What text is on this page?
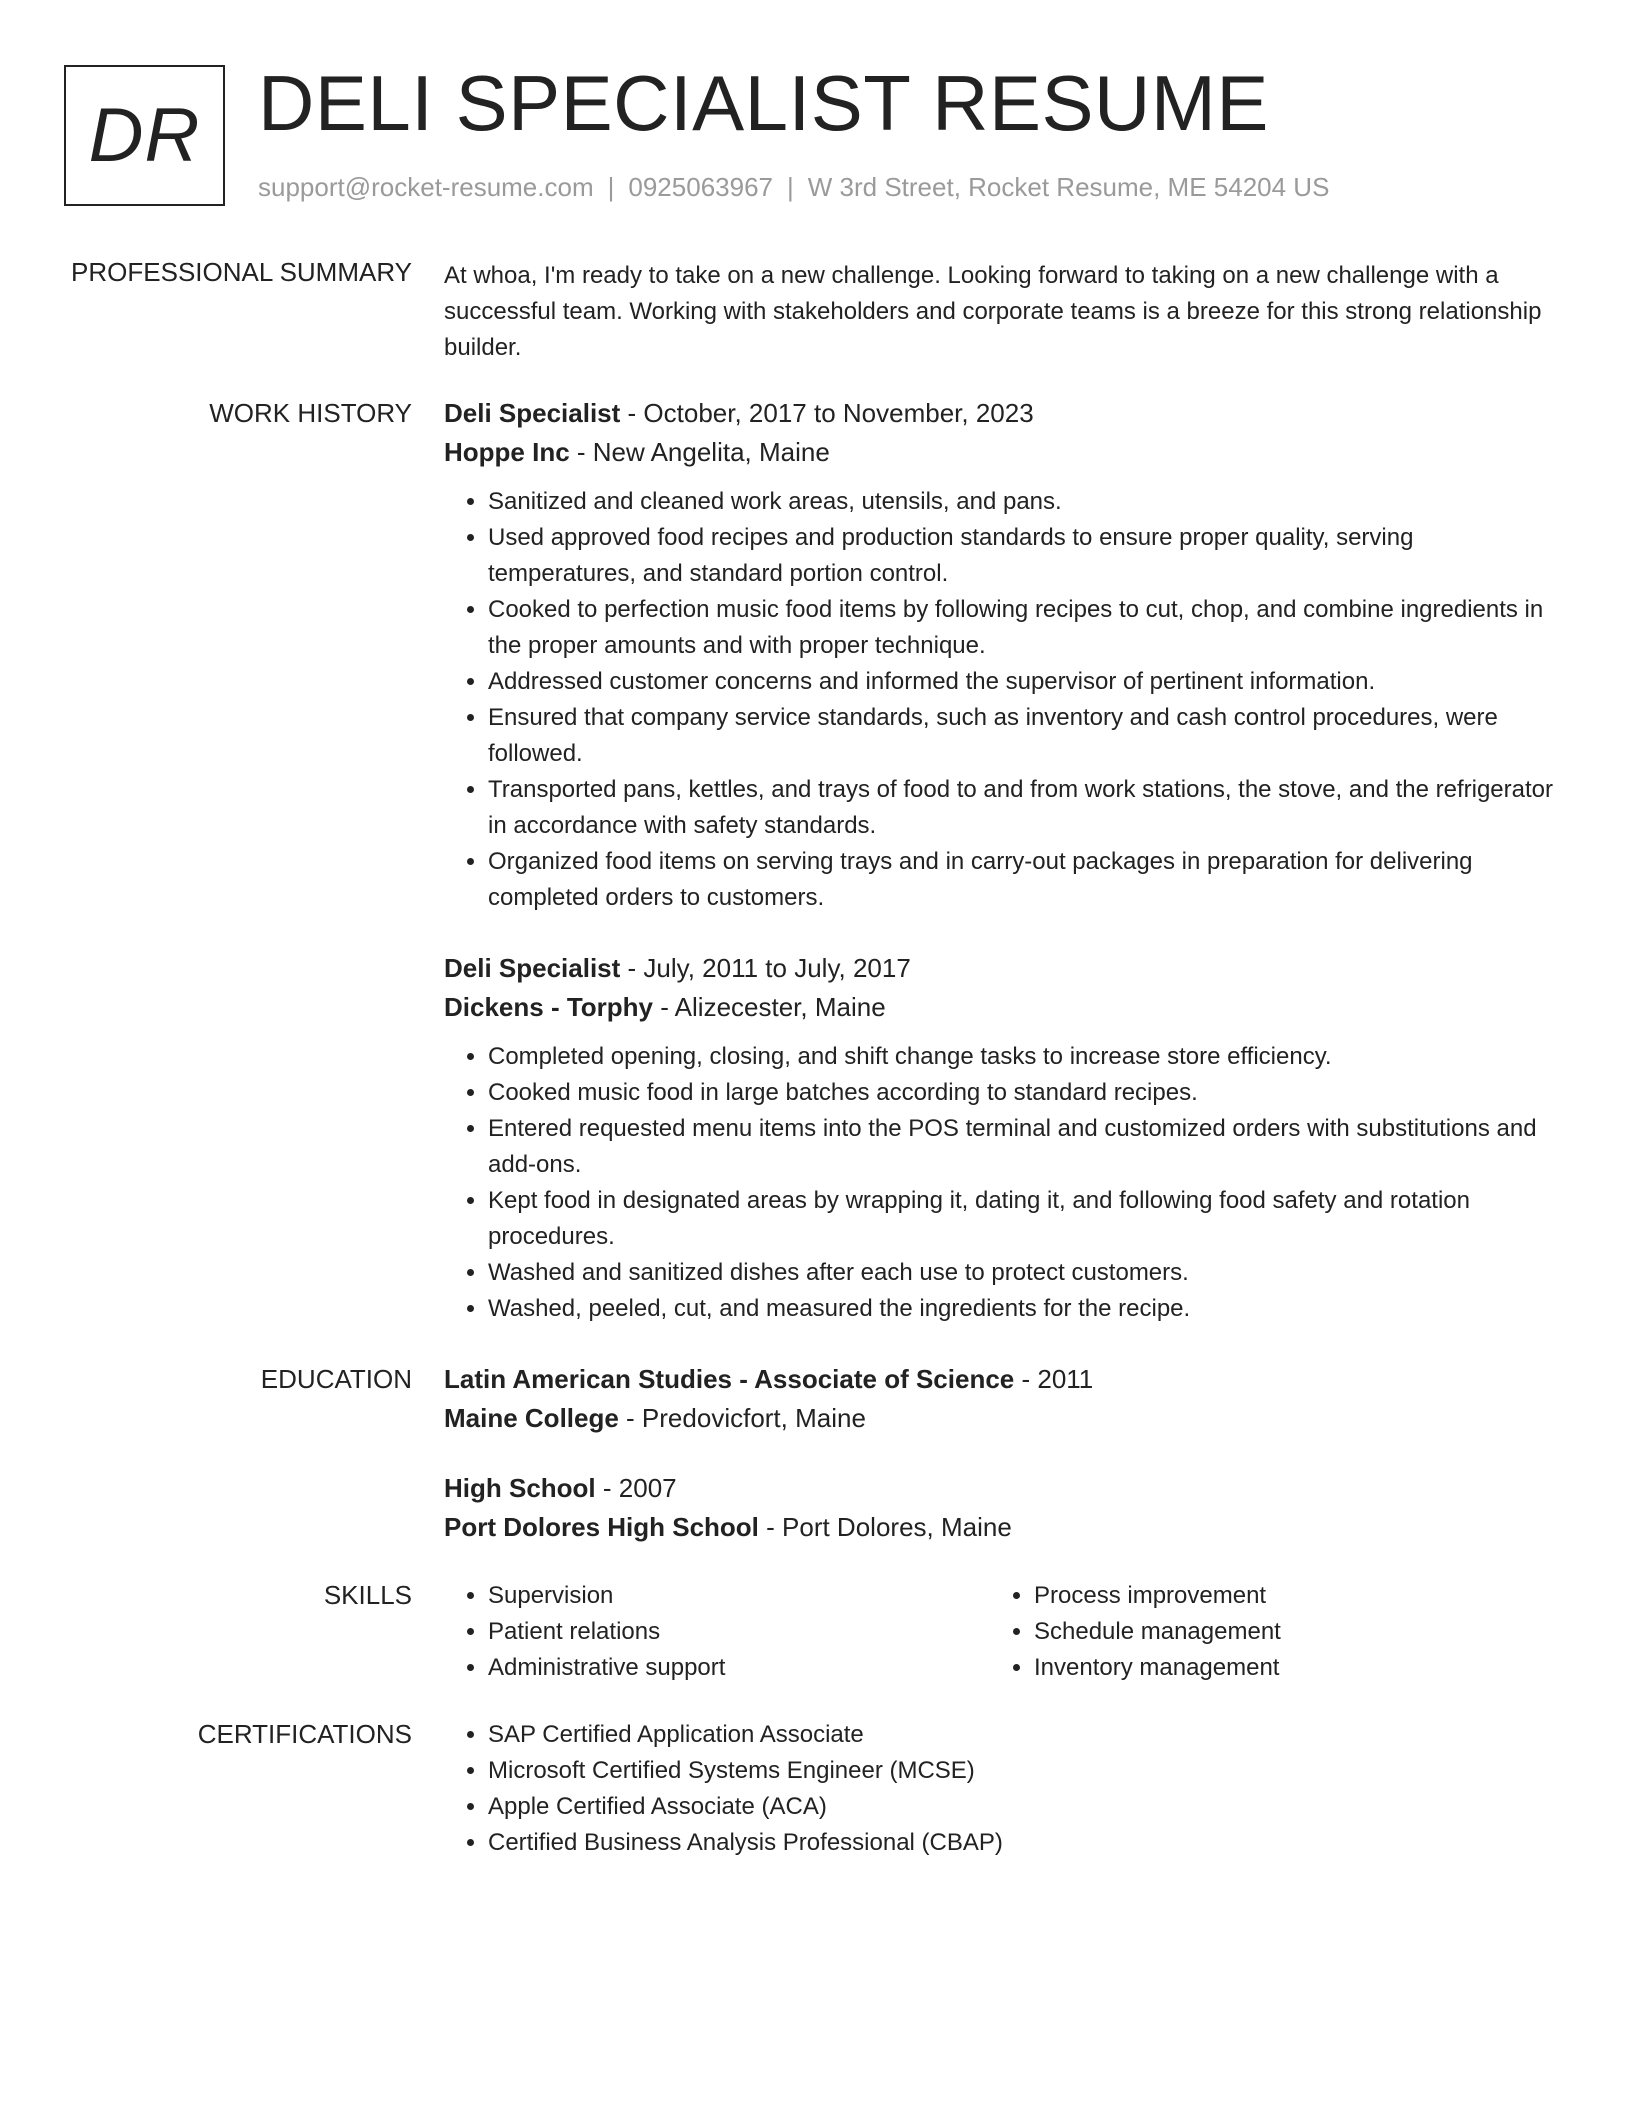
DR DELI SPECIALIST RESUME
support@rocket-resume.com | 0925063967 | W 3rd Street, Rocket Resume, ME 54204 US
PROFESSIONAL SUMMARY At whoa, I'm ready to take on a new challenge. Looking forward to taking on a new challenge with a successful team. Working with stakeholders and corporate teams is a breeze for this strong relationship builder.
WORK HISTORY Deli Specialist - October, 2017 to November, 2023
Hoppe Inc - New Angelita, Maine
• Sanitized and cleaned work areas, utensils, and pans.
• Used approved food recipes and production standards to ensure proper quality, serving temperatures, and standard portion control.
• Cooked to perfection music food items by following recipes to cut, chop, and combine ingredients in the proper amounts and with proper technique.
• Addressed customer concerns and informed the supervisor of pertinent information.
• Ensured that company service standards, such as inventory and cash control procedures, were followed.
• Transported pans, kettles, and trays of food to and from work stations, the stove, and the refrigerator in accordance with safety standards.
• Organized food items on serving trays and in carry-out packages in preparation for delivering completed orders to customers.
Deli Specialist - July, 2011 to July, 2017
Dickens - Torphy - Alizecester, Maine
• Completed opening, closing, and shift change tasks to increase store efficiency.
• Cooked music food in large batches according to standard recipes.
• Entered requested menu items into the POS terminal and customized orders with substitutions and add-ons.
• Kept food in designated areas by wrapping it, dating it, and following food safety and rotation procedures.
• Washed and sanitized dishes after each use to protect customers.
• Washed, peeled, cut, and measured the ingredients for the recipe.
EDUCATION Latin American Studies - Associate of Science - 2011
Maine College - Predovicfort, Maine
High School - 2007
Port Dolores High School - Port Dolores, Maine
SKILLS	• Supervision
• Patient relations
• Administrative support
• Process improvement
• Schedule management
• Inventory management
CERTIFICATIONS	• SAP Certified Application Associate
• Microsoft Certified Systems Engineer (MCSE)
• Apple Certified Associate (ACA)
• Certified Business Analysis Professional (CBAP)
